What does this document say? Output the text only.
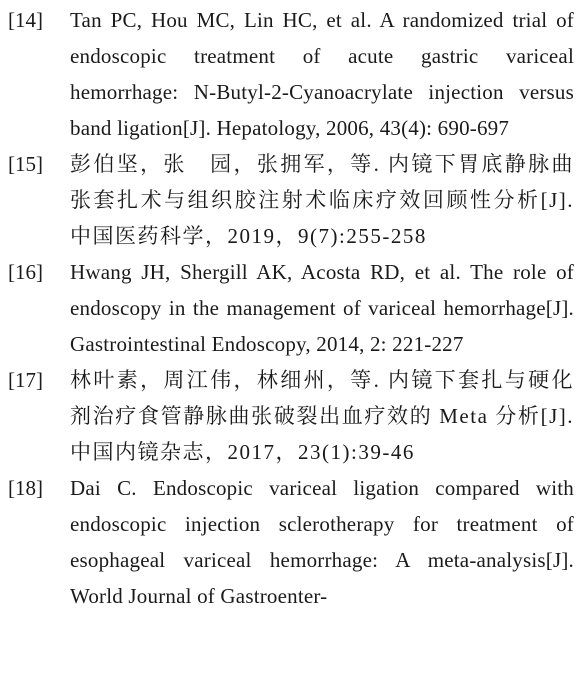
[14]	Tan PC, Hou MC, Lin HC, et al. A randomized trial of endoscopic treatment of acute gastric variceal hemorrhage: N-Butyl-2-Cyanoacrylate injection versus band ligation[J]. Hepatology, 2006, 43(4): 690-697
[15]	彭伯坚，张　园，张拥军，等. 内镜下胃底静脉曲张套扎术与组织胶注射术临床疗效回顾性分析[J]. 中国医药科学，2019，9(7):255-258
[16]	Hwang JH, Shergill AK, Acosta RD, et al. The role of endoscopy in the management of variceal hemorrhage[J]. Gastrointestinal Endoscopy, 2014, 2: 221-227
[17]	林叶素，周江伟，林细州，等. 内镜下套扎与硬化剂治疗食管静脉曲张破裂出血疗效的 Meta 分析[J]. 中国内镜杂志，2017，23(1):39-46
[18]	Dai C. Endoscopic variceal ligation compared with endoscopic injection sclerotherapy for treatment of esophageal variceal hemorrhage: A meta-analysis[J]. World Journal of Gastroenter-
